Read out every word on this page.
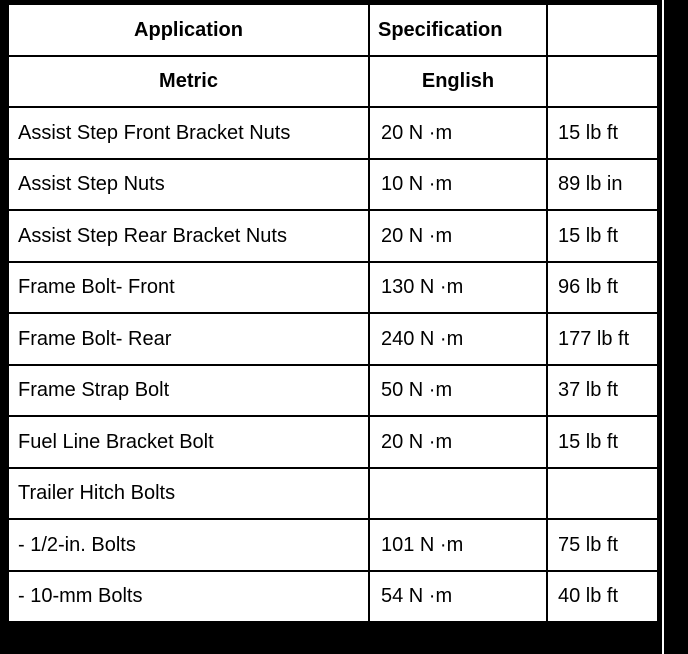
Application	Specification	
Metric	English	
Assist Step Front Bracket Nuts	20 N ·m	15 lb ft
Assist Step Nuts	10 N ·m	89 lb in
Assist Step Rear Bracket Nuts	20 N ·m	15 lb ft
Frame Bolt- Front	130 N ·m	96 lb ft
Frame Bolt- Rear	240 N ·m	177 lb ft
Frame Strap Bolt	50 N ·m	37 lb ft
Fuel Line Bracket Bolt	20 N ·m	15 lb ft
Trailer Hitch Bolts		
- 1/2-in. Bolts	101 N ·m	75 lb ft
- 10-mm Bolts	54 N ·m	40 lb ft
